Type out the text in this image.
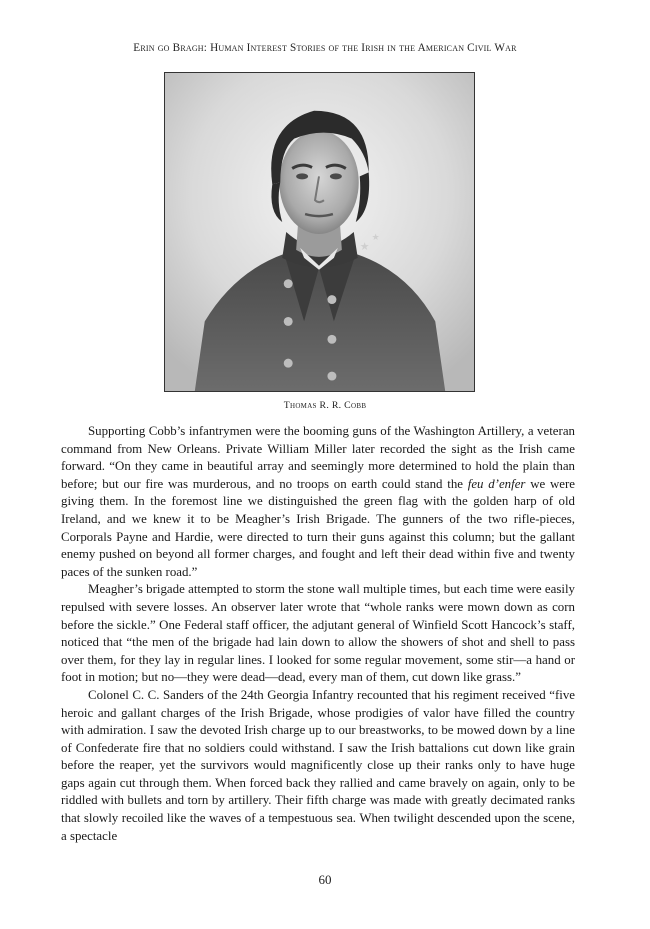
Erin go Bragh: Human Interest Stories of the Irish in the American Civil War
★
★
Thomas R. R. Cobb

Supporting Cobb’s infantrymen were the booming guns of the Washington Artillery, a veteran command from New Orleans. Private William Miller later recorded the sight as the Irish came forward. “On they came in beautiful array and seemingly more determined to hold the plain than before; but our fire was murderous, and no troops on earth could stand the feu d’enfer we were giving them. In the foremost line we distinguished the green flag with the golden harp of old Ireland, and we knew it to be Meagher’s Irish Brigade. The gunners of the two rifle-pieces, Corporals Payne and Hardie, were directed to turn their guns against this column; but the gallant enemy pushed on beyond all former charges, and fought and left their dead within five and twenty paces of the sunken road.”

Meagher’s brigade attempted to storm the stone wall multiple times, but each time were easily repulsed with severe losses. An observer later wrote that “whole ranks were mown down as corn before the sickle.” One Federal staff officer, the adjutant general of Winfield Scott Hancock’s staff, noticed that “the men of the brigade had lain down to allow the showers of shot and shell to pass over them, for they lay in regular lines. I looked for some regular movement, some stir—a hand or foot in motion; but no—they were dead—dead, every man of them, cut down like grass.”

Colonel C. C. Sanders of the 24th Georgia Infantry recounted that his regiment received “five heroic and gallant charges of the Irish Brigade, whose prodigies of valor have filled the country with admiration. I saw the devoted Irish charge up to our breastworks, to be mowed down by a line of Confederate fire that no soldiers could withstand. I saw the Irish battalions cut down like grain before the reaper, yet the survivors would magnificently close up their ranks only to have huge gaps again cut through them. When forced back they rallied and came bravely on again, only to be riddled with bullets and torn by artillery. Their fifth charge was made with greatly decimated ranks that slowly recoiled like the waves of a tempestuous sea. When twilight descended upon the scene, a spectacle

60
